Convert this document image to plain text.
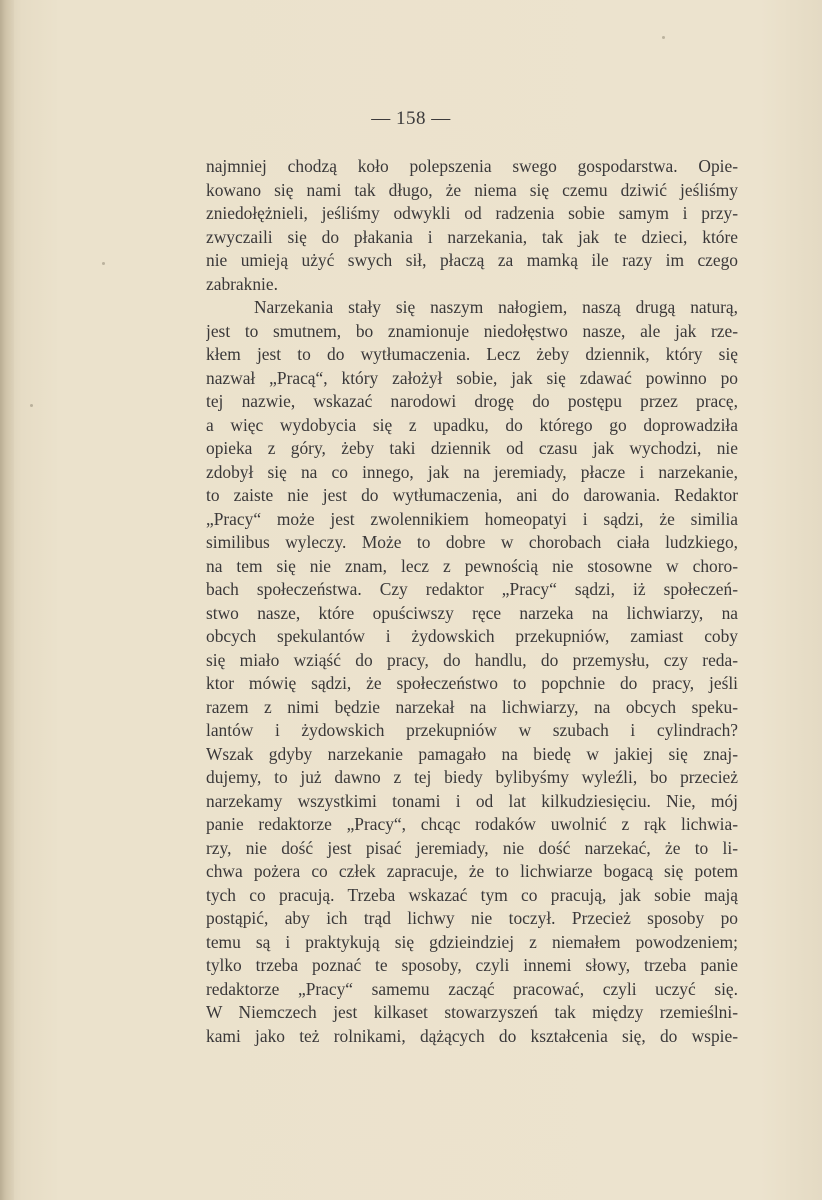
— 158 —
najmniej chodzą koło polepszenia swego gospodarstwa. Opie-
kowano się nami tak długo, że niema się czemu dziwić jeśliśmy
zniedołężnieli, jeśliśmy odwykli od radzenia sobie samym i przy-
zwyczaili się do płakania i narzekania, tak jak te dzieci, które
nie umieją użyć swych sił, płaczą za mamką ile razy im czego
zabraknie.
Narzekania stały się naszym nałogiem, naszą drugą naturą,
jest to smutnem, bo znamionuje niedołęstwo nasze, ale jak rze-
kłem jest to do wytłumaczenia. Lecz żeby dziennik, który się
nazwał „Pracą“, który założył sobie, jak się zdawać powinno po
tej nazwie, wskazać narodowi drogę do postępu przez pracę,
a więc wydobycia się z upadku, do którego go doprowadziła
opieka z góry, żeby taki dziennik od czasu jak wychodzi, nie
zdobył się na co innego, jak na jeremiady, płacze i narzekanie,
to zaiste nie jest do wytłumaczenia, ani do darowania. Redaktor
„Pracy“ może jest zwolennikiem homeopatyi i sądzi, że similia
similibus wyleczy. Może to dobre w chorobach ciała ludzkiego,
na tem się nie znam, lecz z pewnością nie stosowne w choro-
bach społeczeństwa. Czy redaktor „Pracy“ sądzi, iż społeczeń-
stwo nasze, które opuściwszy ręce narzeka na lichwiarzy, na
obcych spekulantów i żydowskich przekupniów, zamiast coby
się miało wziąść do pracy, do handlu, do przemysłu, czy reda-
ktor mówię sądzi, że społeczeństwo to popchnie do pracy, jeśli
razem z nimi będzie narzekał na lichwiarzy, na obcych speku-
lantów i żydowskich przekupniów w szubach i cylindrach?
Wszak gdyby narzekanie pamagało na biedę w jakiej się znaj-
dujemy, to już dawno z tej biedy bylibyśmy wyleźli, bo przecież
narzekamy wszystkimi tonami i od lat kilkudziesięciu. Nie, mój
panie redaktorze „Pracy“, chcąc rodaków uwolnić z rąk lichwia-
rzy, nie dość jest pisać jeremiady, nie dość narzekać, że to li-
chwa pożera co człek zapracuje, że to lichwiarze bogacą się potem
tych co pracują. Trzeba wskazać tym co pracują, jak sobie mają
postąpić, aby ich trąd lichwy nie toczył. Przecież sposoby po
temu są i praktykują się gdzieindziej z niemałem powodzeniem;
tylko trzeba poznać te sposoby, czyli innemi słowy, trzeba panie
redaktorze „Pracy“ samemu zacząć pracować, czyli uczyć się.
W Niemczech jest kilkaset stowarzyszeń tak między rzemieślni-
kami jako też rolnikami, dążących do kształcenia się, do wspie-
